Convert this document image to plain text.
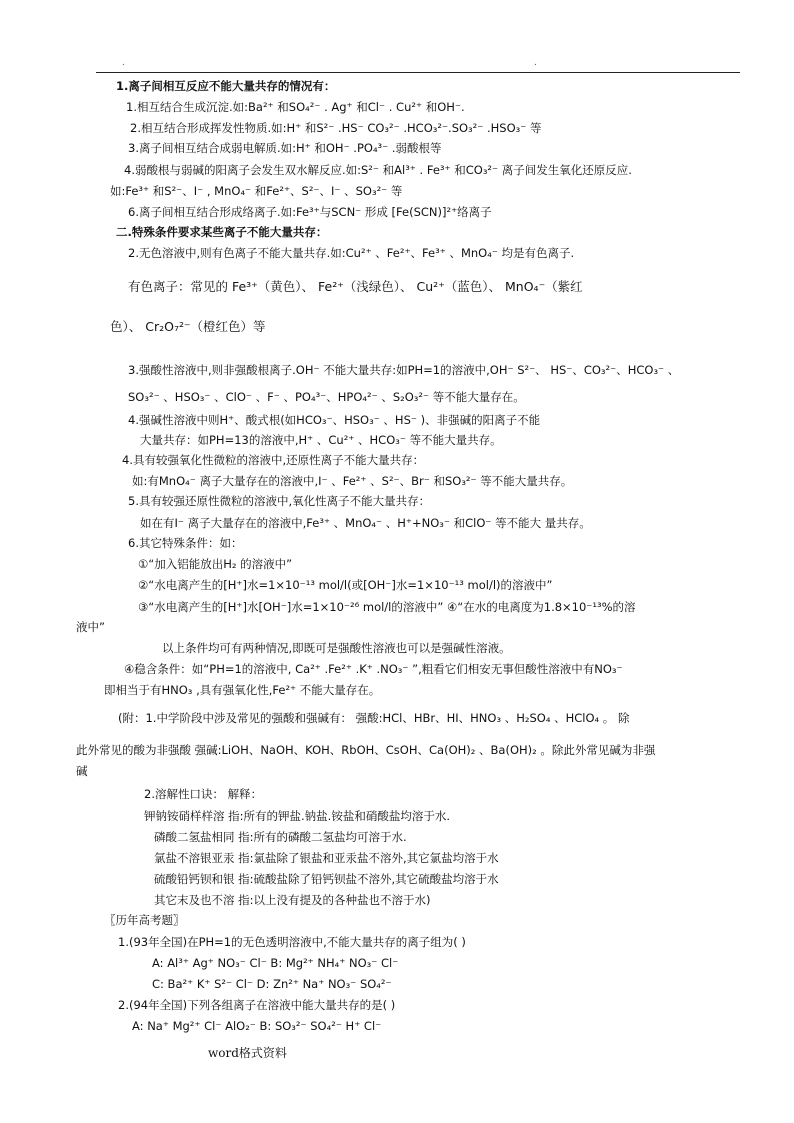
.	.
1.离子间相互反应不能大量共存的情况有：
1.相互结合生成沉淀.如:Ba²⁺ 和SO₄²⁻ . Ag⁺ 和Cl⁻ . Cu²⁺ 和OH⁻.
2.相互结合形成挥发性物质.如:H⁺ 和S²⁻ .HS⁻ CO₃²⁻ .HCO₃²⁻.SO₃²⁻ .HSO₃⁻ 等
3.离子间相互结合成弱电解质.如:H⁺ 和OH⁻ .PO₄³⁻ .弱酸根等
4.弱酸根与弱碱的阳离子会发生双水解反应.如:S²⁻ 和Al³⁺ . Fe³⁺ 和CO₃²⁻ 离子间发生氧化还原反应.
如:Fe³⁺ 和S²⁻、I⁻ , MnO₄⁻ 和Fe²⁺、S²⁻、I⁻ 、SO₃²⁻ 等
6.离子间相互结合形成络离子.如:Fe³⁺与SCN⁻ 形成 [Fe(SCN)]²⁺络离子
二.特殊条件要求某些离子不能大量共存：
2.无色溶液中,则有色离子不能大量共存.如:Cu²⁺ 、Fe²⁺、Fe³⁺ 、MnO₄⁻ 均是有色离子.
有色离子：常见的 Fe³⁺（黄色）、 Fe²⁺（浅绿色）、 Cu²⁺（蓝色）、 MnO₄⁻（紫红
色）、 Cr₂O₇²⁻（橙红色）等
3.强酸性溶液中,则非强酸根离子.OH⁻ 不能大量共存:如PH=1的溶液中,OH⁻ S²⁻、 HS⁻、CO₃²⁻、HCO₃⁻ 、
SO₃²⁻ 、HSO₃⁻ 、ClO⁻ 、F⁻ 、PO₄³⁻、HPO₄²⁻ 、S₂O₃²⁻ 等不能大量存在。
4.强碱性溶液中则H⁺、酸式根(如HCO₃⁻、HSO₃⁻ 、HS⁻ )、非强碱的阳离子不能
大量共存：如PH=13的溶液中,H⁺ 、Cu²⁺ 、HCO₃⁻ 等不能大量共存。
4.具有较强氧化性微粒的溶液中,还原性离子不能大量共存：
如:有MnO₄⁻ 离子大量存在的溶液中,I⁻ 、Fe²⁺ 、S²⁻、Br⁻ 和SO₃²⁻ 等不能大量共存。
5.具有较强还原性微粒的溶液中,氧化性离子不能大量共存：
如在有I⁻ 离子大量存在的溶液中,Fe³⁺ 、MnO₄⁻ 、H⁺+NO₃⁻ 和ClO⁻ 等不能大 量共存。
6.其它特殊条件：如：
①“加入铝能放出H₂ 的溶液中”
②“水电离产生的[H⁺]水=1×10⁻¹³ mol/l(或[OH⁻]水=1×10⁻¹³ mol/l)的溶液中”
③“水电离产生的[H⁺]水[OH⁻]水=1×10⁻²⁶ mol/l的溶液中” ④“在水的电离度为1.8×10⁻¹³%的溶
液中”
以上条件均可有两种情况,即既可是强酸性溶液也可以是强碱性溶液。
④稳含条件：如“PH=1的溶液中, Ca²⁺ .Fe²⁺ .K⁺ .NO₃⁻ ”,粗看它们相安无事但酸性溶液中有NO₃⁻
即相当于有HNO₃ ,具有强氧化性,Fe²⁺ 不能大量存在。
(附：1.中学阶段中涉及常见的强酸和强碱有： 强酸:HCl、HBr、HI、HNO₃ 、H₂SO₄ 、HClO₄ 。 除
此外常见的酸为非强酸 强碱:LiOH、NaOH、KOH、RbOH、CsOH、Ca(OH)₂ 、Ba(OH)₂ 。除此外常见碱为非强
碱
2.溶解性口诀： 解释：
钾钠铵硝样样溶 指:所有的钾盐.钠盐.铵盐和硝酸盐均溶于水.
磷酸二氢盐相同 指:所有的磷酸二氢盐均可溶于水.
氯盐不溶银亚汞 指:氯盐除了银盐和亚汞盐不溶外,其它氯盐均溶于水
硫酸铅钙钡和银 指:硫酸盐除了铅钙钡盐不溶外,其它硫酸盐均溶于水
其它末及也不溶 指:以上没有提及的各种盐也不溶于水)
〖历年高考题〗
1.(93年全国)在PH=1的无色透明溶液中,不能大量共存的离子组为( )
A: Al³⁺ Ag⁺ NO₃⁻ Cl⁻ B: Mg²⁺ NH₄⁺ NO₃⁻ Cl⁻
C: Ba²⁺ K⁺ S²⁻ Cl⁻ D: Zn²⁺ Na⁺ NO₃⁻ SO₄²⁻
2.(94年全国)下列各组离子在溶液中能大量共存的是( )
A: Na⁺ Mg²⁺ Cl⁻ AlO₂⁻ B: SO₃²⁻ SO₄²⁻ H⁺ Cl⁻
word格式资料
